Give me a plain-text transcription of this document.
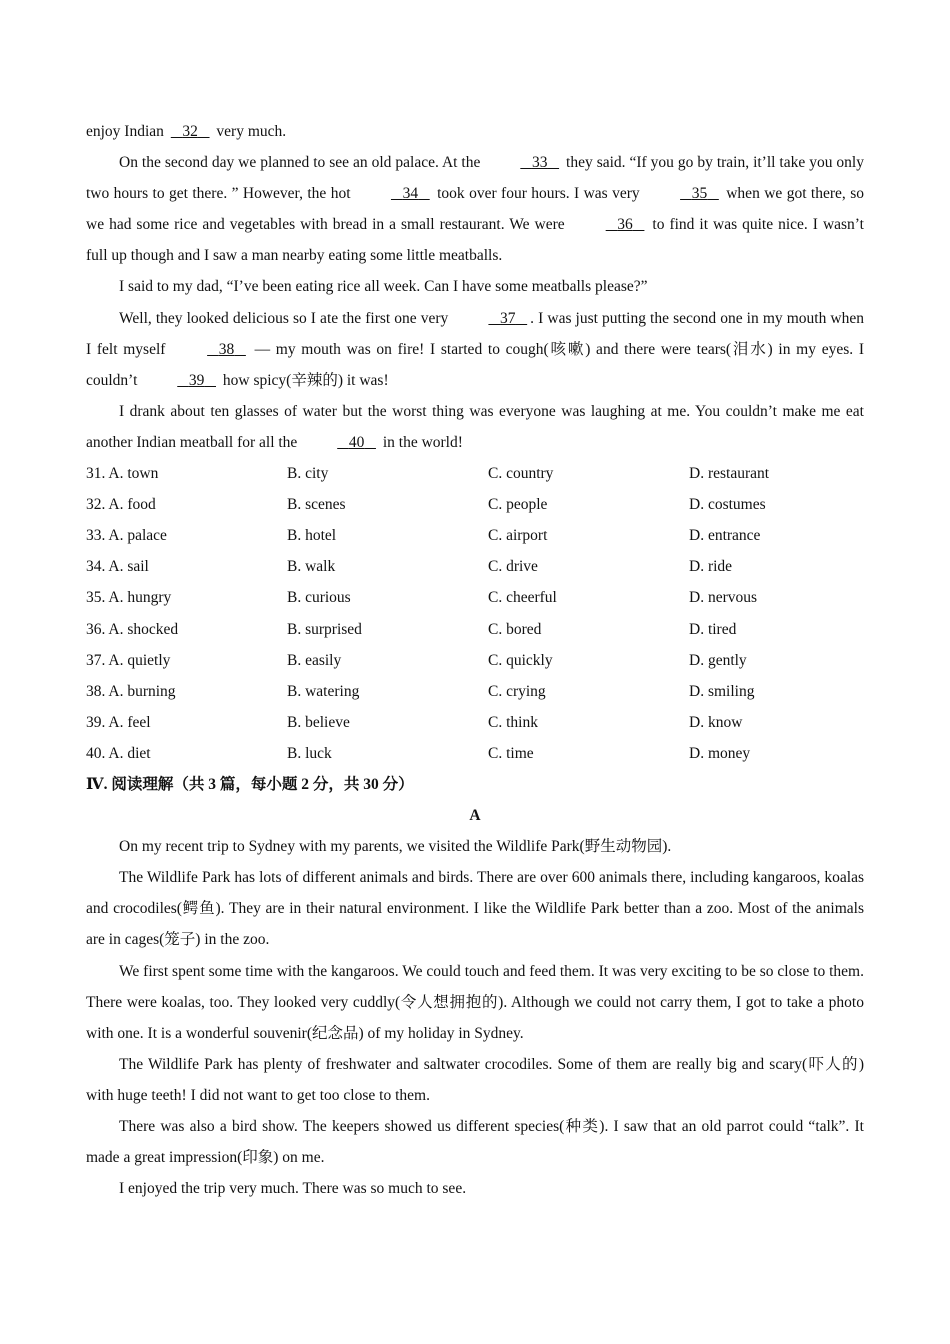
enjoy Indian 32 very much.

On the second day we planned to see an old palace. At the	33 they said. “If you go by train, it’ll take you only two hours to get there. ” However, the hot	34 took over four hours. I was very	35 when we got there, so we had some rice and vegetables with bread in a small restaurant. We were	36 to find it was quite nice. I wasn’t full up though and I saw a man nearby eating some little meatballs.

I said to my dad, “I’ve been eating rice all week. Can I have some meatballs please?”

Well, they looked delicious so I ate the first one very	37 . I was just putting the second one in my mouth when I felt myself	38 — my mouth was on fire! I started to cough(咳嗽) and there were tears(泪水) in my eyes. I couldn’t	39 how spicy(辛辣的) it was!

I drank about ten glasses of water but the worst thing was everyone was laughing at me. You couldn’t make me eat another Indian meatball for all the	40 in the world!

31. A. town	B. city	C. country	D. restaurant
32. A. food	B. scenes	C. people	D. costumes
33. A. palace	B. hotel	C. airport	D. entrance
34. A. sail	B. walk	C. drive	D. ride
35. A. hungry	B. curious	C. cheerful	D. nervous
36. A. shocked	B. surprised	C. bored	D. tired
37. A. quietly	B. easily	C. quickly	D. gently
38. A. burning	B. watering	C. crying	D. smiling
39. A. feel	B. believe	C. think	D. know
40. A. diet	B. luck	C. time	D. money
Ⅳ. 阅读理解（共 3 篇，每小题 2 分，共 30 分）
A

On my recent trip to Sydney with my parents, we visited the Wildlife Park(野生动物园).

The Wildlife Park has lots of different animals and birds. There are over 600 animals there, including kangaroos, koalas and crocodiles(鳄鱼). They are in their natural environment. I like the Wildlife Park better than a zoo. Most of the animals are in cages(笼子) in the zoo.

We first spent some time with the kangaroos. We could touch and feed them. It was very exciting to be so close to them. There were koalas, too. They looked very cuddly(令人想拥抱的). Although we could not carry them, I got to take a photo with one. It is a wonderful souvenir(纪念品) of my holiday in Sydney.

The Wildlife Park has plenty of freshwater and saltwater crocodiles. Some of them are really big and scary(吓人的) with huge teeth! I did not want to get too close to them.

There was also a bird show. The keepers showed us different species(种类). I saw that an old parrot could “talk”. It made a great impression(印象) on me.

I enjoyed the trip very much. There was so much to see.
